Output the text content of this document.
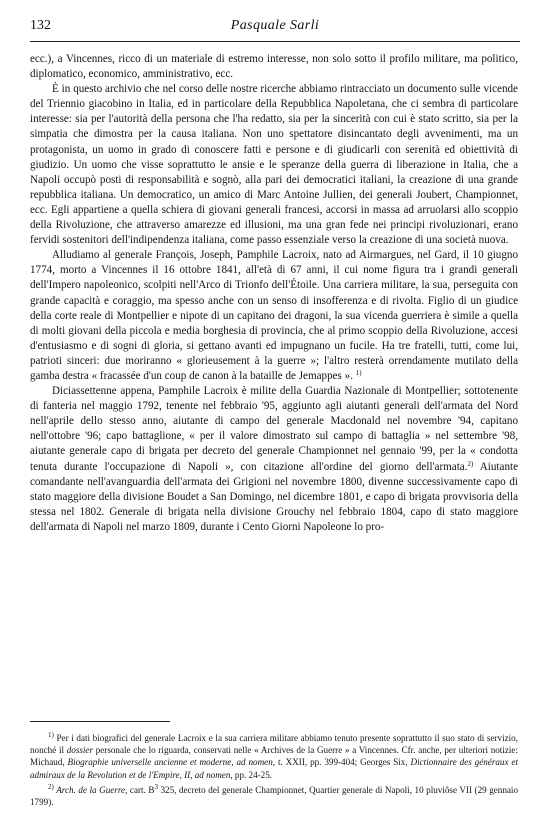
132	Pasquale Sarli

ecc.), a Vincennes, ricco di un materiale di estremo interesse, non solo sotto il profilo militare, ma politico, diplomatico, economico, amministrativo, ecc.

È in questo archivio che nel corso delle nostre ricerche abbiamo rintracciato un documento sulle vicende del Triennio giacobino in Italia, ed in particolare della Repubblica Napoletana, che ci sembra di particolare interesse: sia per l'autorità della persona che l'ha redatto, sia per la sincerità con cui è stato scritto, sia per la simpatia che dimostra per la causa italiana. Non uno spettatore disincantato degli avvenimenti, ma un protagonista, un uomo in grado di conoscere fatti e persone e di giudicarli con serenità ed obiettività di giudizio. Un uomo che visse soprattutto le ansie e le speranze della guerra di liberazione in Italia, che a Napoli occupò posti di responsabilità e sognò, alla pari dei democratici italiani, la creazione di una grande repubblica italiana. Un democratico, un amico di Marc Antoine Jullien, dei generali Joubert, Championnet, ecc. Egli appartiene a quella schiera di giovani generali francesi, accorsi in massa ad arruolarsi allo scoppio della Rivoluzione, che attraverso amarezze ed illusioni, ma una gran fede nei principi rivoluzionari, erano fervidi sostenitori dell'indipendenza italiana, come passo essenziale verso la creazione di una società nuova.

Alludiamo al generale François, Joseph, Pamphile Lacroix, nato ad Airmargues, nel Gard, il 10 giugno 1774, morto a Vincennes il 16 ottobre 1841, all'età di 67 anni, il cui nome figura tra i grandi generali dell'Impero napoleonico, scolpiti nell'Arco di Trionfo dell'Étoile. Una carriera militare, la sua, perseguita con grande capacità e coraggio, ma spesso anche con un senso di insofferenza e di rivolta. Figlio di un giudice della corte reale di Montpellier e nipote di un capitano dei dragoni, la sua vicenda guerriera è simile a quella di molti giovani della piccola e media borghesia di provincia, che al primo scoppio della Rivoluzione, accesi d'entusiasmo e di sogni di gloria, si gettano avanti ed impugnano un fucile. Ha tre fratelli, tutti, come lui, patrioti sinceri: due moriranno « glorieusement à la guerre »; l'altro resterà orrendamente mutilato della gamba destra « fracassée d'un coup de canon à la bataille de Jemappes ». $^{1)}$

Diciassettenne appena, Pamphile Lacroix è milite della Guardia Nazionale di Montpellier; sottotenente di fanteria nel maggio 1792, tenente nel febbraio '95, aggiunto agli aiutanti generali dell'armata del Nord nell'aprile dello stesso anno, aiutante di campo del generale Macdonald nel novembre '94, capitano nell'ottobre '96; capo battaglione, « per il valore dimostrato sul campo di battaglia » nel settembre '98, aiutante generale capo di brigata per decreto del generale Championnet nel gennaio '99, per la « condotta tenuta durante l'occupazione di Napoli », con citazione all'ordine del giorno dell'armata.$^{2)}$ Aiutante comandante nell'avanguardia dell'armata dei Grigioni nel novembre 1800, divenne successivamente capo di stato maggiore della divisione Boudet a San Domingo, nel dicembre 1801, e capo di brigata provvisoria della stessa nel 1802. Generale di brigata nella divisione Grouchy nel febbraio 1804, capo di stato maggiore dell'armata di Napoli nel marzo 1809, durante i Cento Giorni Napoleone lo pro-

$^{1)}$ Per i dati biografici del generale Lacroix e la sua carriera militare abbiamo tenuto presente soprattutto il suo stato di servizio, nonché il dossier personale che lo riguarda, conservati nelle « Archives de la Guerre » a Vincennes. Cfr. anche, per ulteriori notizie: Michaud, Biographie universelle ancienne et moderne, ad nomen, t. XXII, pp. 399-404; Georges Six, Dictionnaire des généraux et admiraux de la Revolution et de l'Empire, II, ad nomen, pp. 24-25.

$^{2)}$ Arch. de la Guerre, cart. $B^3$ 325, decreto del generale Championnet, Quartier generale di Napoli, 10 pluviôse VII (29 gennaio 1799).
